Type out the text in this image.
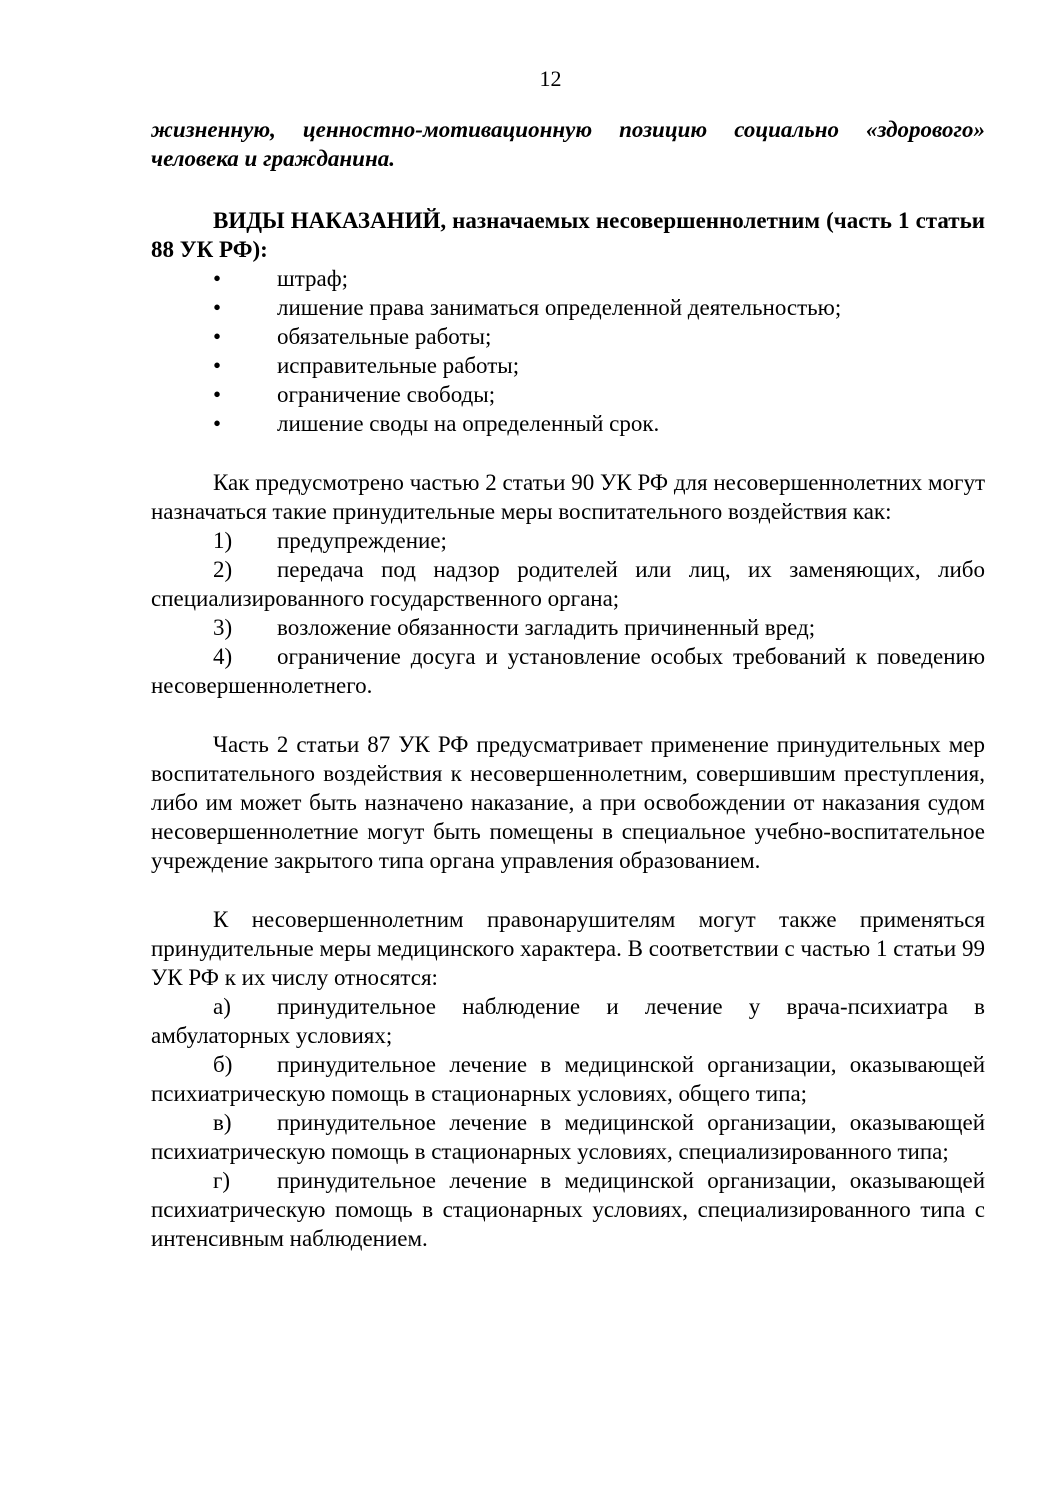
12

жизненную, ценностно-мотивационную позицию социально «здорового» человека и гражданина.

ВИДЫ НАКАЗАНИЙ, назначаемых несовершеннолетним (часть 1 статьи 88 УК РФ):

• штраф;
• лишение права заниматься определенной деятельностью;
• обязательные работы;
• исправительные работы;
• ограничение свободы;
• лишение своды на определенный срок.

Как предусмотрено частью 2 статьи 90 УК РФ для несовершеннолетних могут назначаться такие принудительные меры воспитательного воздействия как:

1) предупреждение;
2) передача под надзор родителей или лиц, их заменяющих, либо специализированного государственного органа;
3) возложение обязанности загладить причиненный вред;
4) ограничение досуга и установление особых требований к поведению несовершеннолетнего.

Часть 2 статьи 87 УК РФ предусматривает применение принудительных мер воспитательного воздействия к несовершеннолетним, совершившим преступления, либо им может быть назначено наказание, а при освобождении от наказания судом несовершеннолетние могут быть помещены в специальное учебно-воспитательное учреждение закрытого типа органа управления образованием.

К несовершеннолетним правонарушителям могут также применяться принудительные меры медицинского характера. В соответствии с частью 1 статьи 99 УК РФ к их числу относятся:

а) принудительное наблюдение и лечение у врача-психиатра в амбулаторных условиях;
б) принудительное лечение в медицинской организации, оказывающей психиатрическую помощь в стационарных условиях, общего типа;
в) принудительное лечение в медицинской организации, оказывающей психиатрическую помощь в стационарных условиях, специализированного типа;
г) принудительное лечение в медицинской организации, оказывающей психиатрическую помощь в стационарных условиях, специализированного типа с интенсивным наблюдением.
